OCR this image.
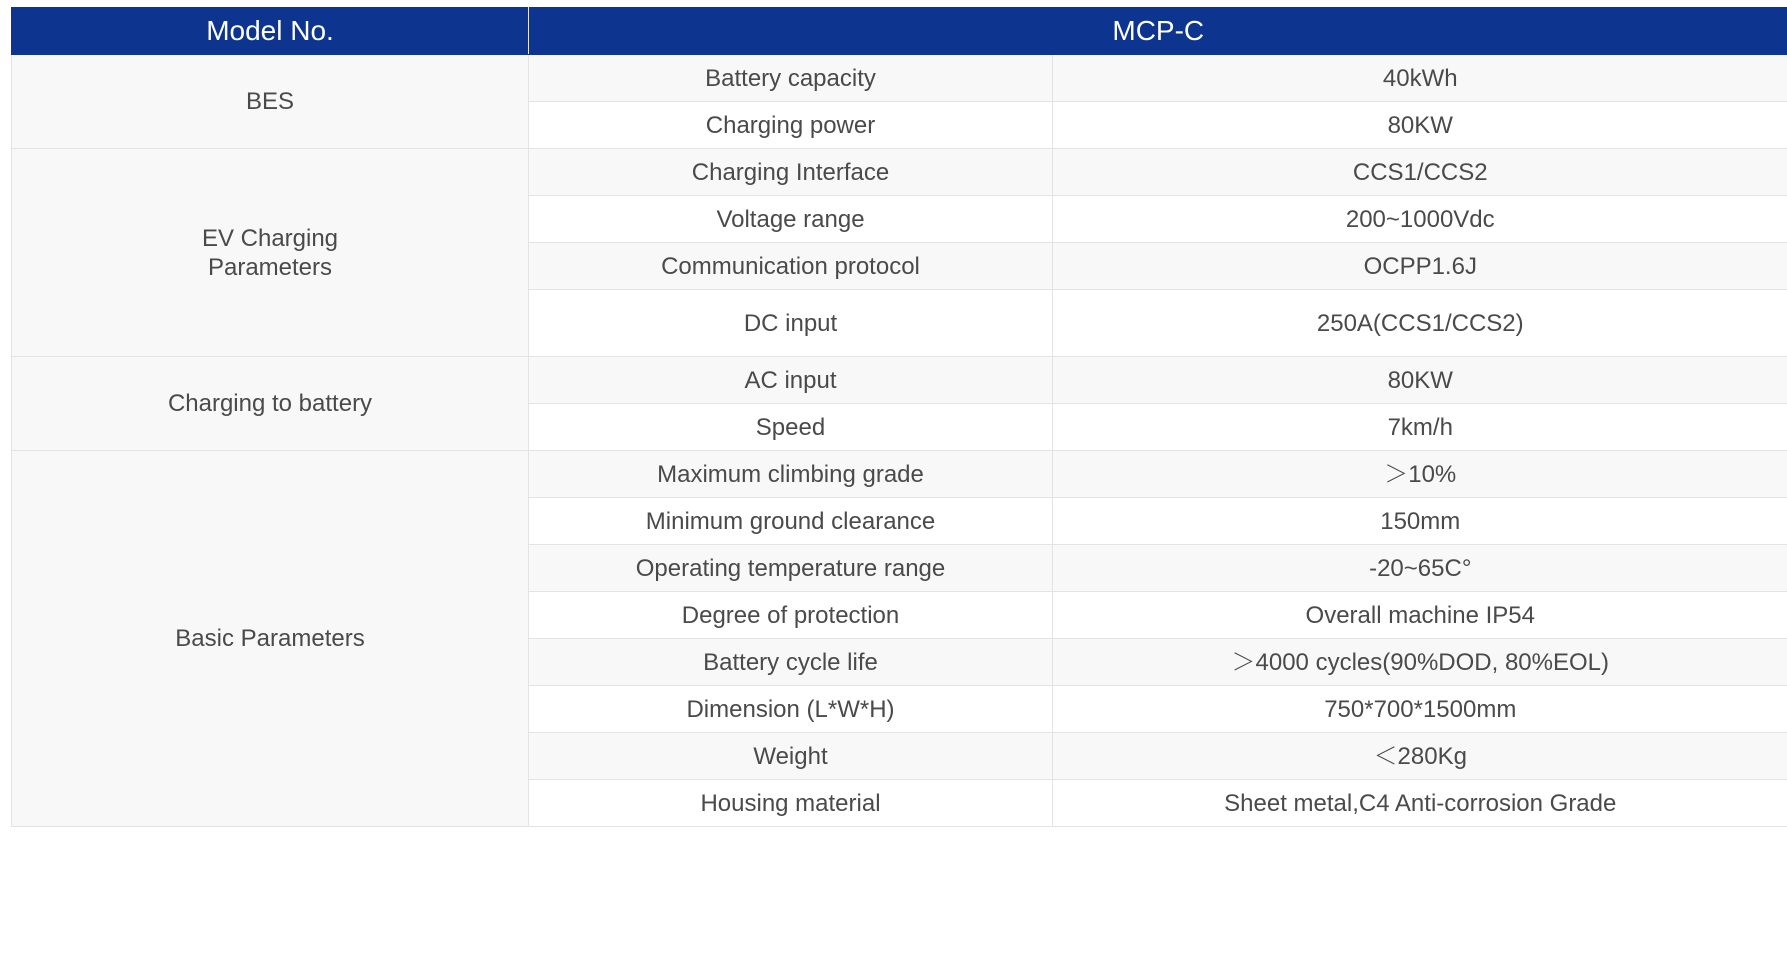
Model No.	MCP-C	
BES	Battery capacity	40kWh
	Charging power	80KW
EV Charging Parameters	Charging Interface	CCS1/CCS2
	Voltage range	200~1000Vdc
	Communication protocol	OCPP1.6J
	DC input	250A(CCS1/CCS2)
Charging to battery	AC input	80KW
	Speed	7km/h
Basic Parameters	Maximum climbing grade	＞10%
	Minimum ground clearance	150mm
	Operating temperature range	-20~65C°
	Degree of protection	Overall machine IP54
	Battery cycle life	＞4000 cycles(90%DOD, 80%EOL)
	Dimension (L*W*H)	750*700*1500mm
	Weight	＜280Kg
	Housing material	Sheet metal,C4 Anti-corrosion Grade
